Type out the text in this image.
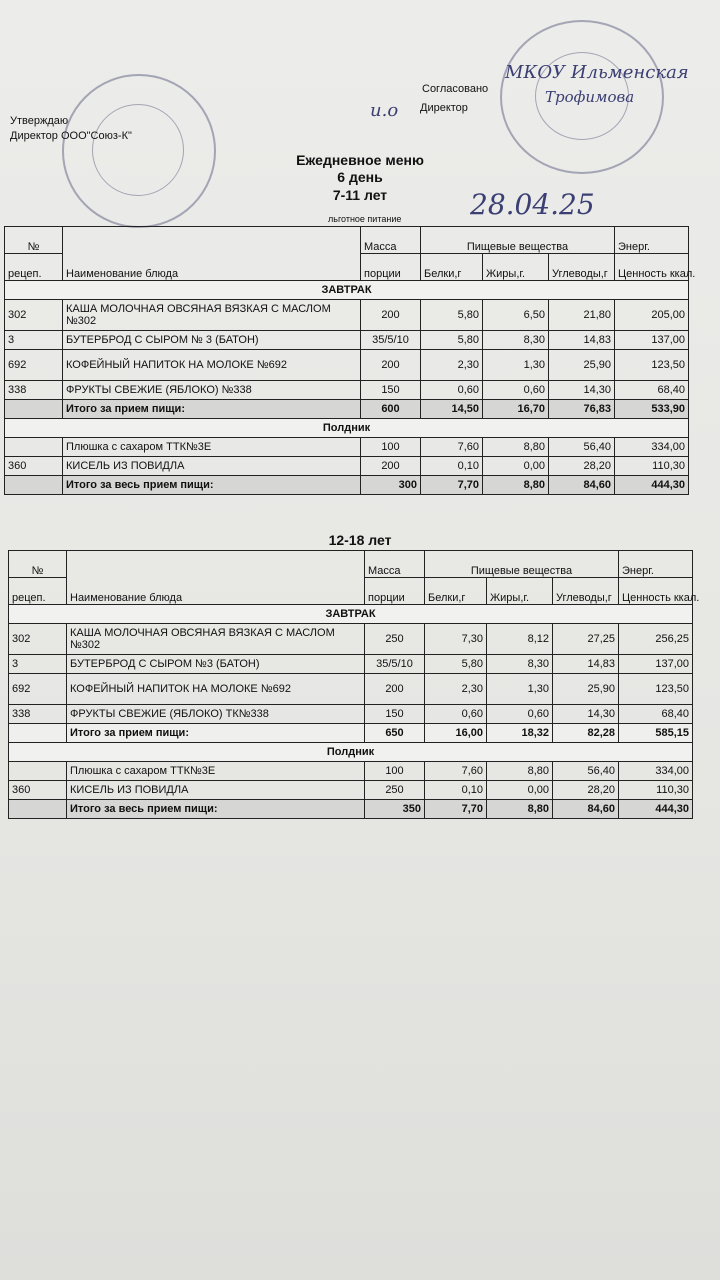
Утверждаю
Директор ООО"Союз-К"
Согласовано
Директор
и.о
МКОУ Ильменская
Трофимова
28.04.25
Ежедневное меню
6 день
7-11 лет
льготное питание
12-18 лет
№	Наименование блюда	Масса	Пищевые вещества			Энерг.
рецеп.		порции	Белки,г	Жиры,г.	Углеводы,г	Ценность ккал.
ЗАВТРАК						
302	КАША МОЛОЧНАЯ ОВСЯНАЯ ВЯЗКАЯ С МАСЛОМ №302	200	5,80	6,50	21,80	205,00
3	БУТЕРБРОД С СЫРОМ № 3 (БАТОН)	35/5/10	5,80	8,30	14,83	137,00
692	КОФЕЙНЫЙ НАПИТОК НА МОЛОКЕ №692	200	2,30	1,30	25,90	123,50
338	ФРУКТЫ СВЕЖИЕ (ЯБЛОКО) №338	150	0,60	0,60	14,30	68,40
	Итого за прием пищи:	600	14,50	16,70	76,83	533,90
Полдник						
	Плюшка с сахаром ТТК№3Е	100	7,60	8,80	56,40	334,00
360	КИСЕЛЬ ИЗ ПОВИДЛА	200	0,10	0,00	28,20	110,30
	Итого за весь прием пищи:	300	7,70	8,80	84,60	444,30
№	Наименование блюда	Масса	Пищевые вещества			Энерг.
рецеп.		порции	Белки,г	Жиры,г.	Углеводы,г	Ценность ккал.
ЗАВТРАК						
302	КАША МОЛОЧНАЯ ОВСЯНАЯ ВЯЗКАЯ С МАСЛОМ №302	250	7,30	8,12	27,25	256,25
3	БУТЕРБРОД С СЫРОМ №3 (БАТОН)	35/5/10	5,80	8,30	14,83	137,00
692	КОФЕЙНЫЙ НАПИТОК НА МОЛОКЕ №692	200	2,30	1,30	25,90	123,50
338	ФРУКТЫ СВЕЖИЕ (ЯБЛОКО) ТК№338	150	0,60	0,60	14,30	68,40
	Итого за прием пищи:	650	16,00	18,32	82,28	585,15
Полдник						
	Плюшка с сахаром ТТК№3Е	100	7,60	8,80	56,40	334,00
360	КИСЕЛЬ ИЗ ПОВИДЛА	250	0,10	0,00	28,20	110,30
	Итого за весь прием пищи:	350	7,70	8,80	84,60	444,30
